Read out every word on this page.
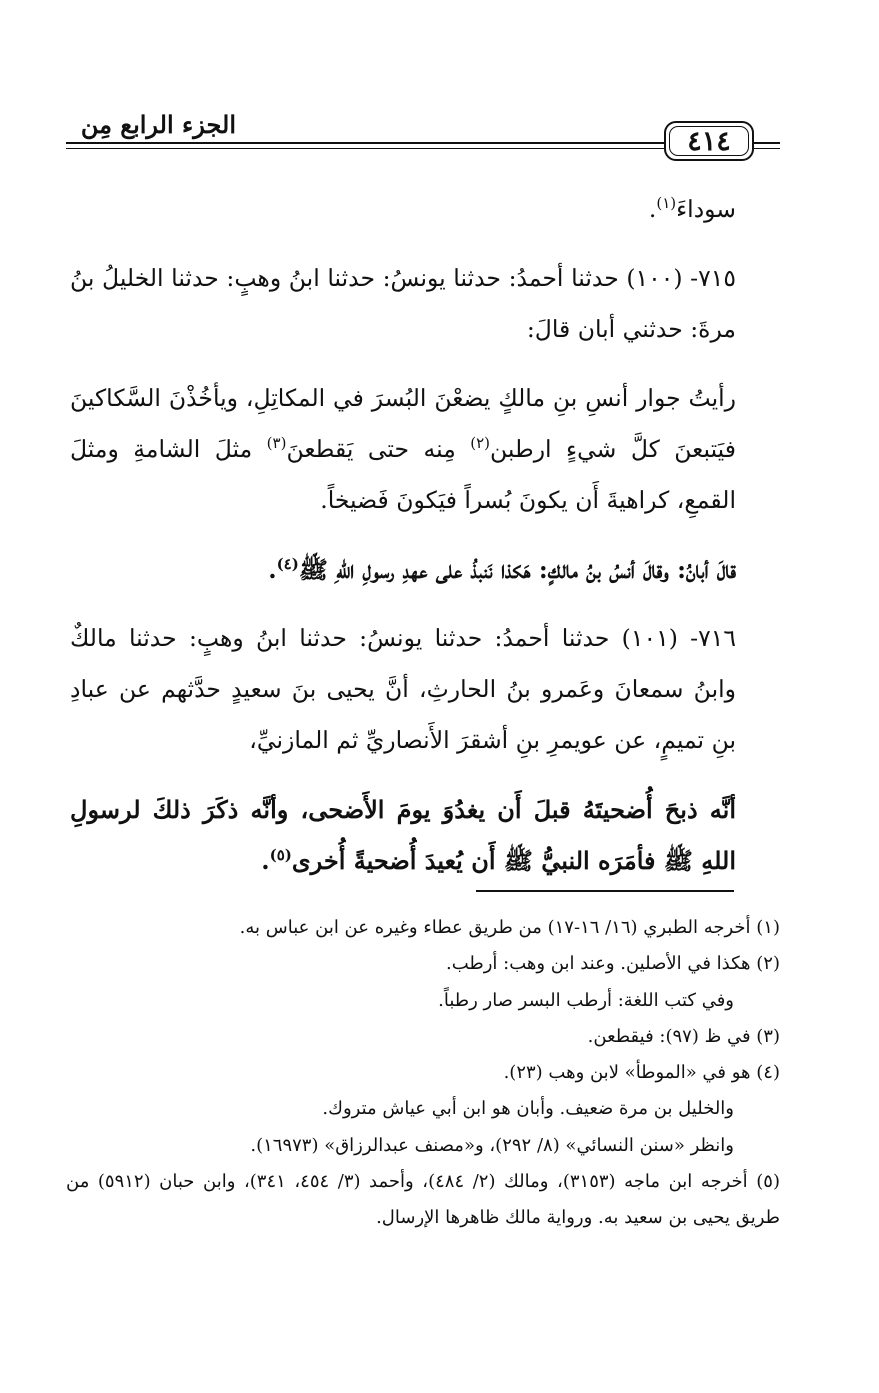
٤١٤
الجزء الرابع مِن

سوداءَ$^{(١)}$.

٧١٥- (١٠٠) حدثنا أحمدُ: حدثنا يونسُ: حدثنا ابنُ وهبٍ: حدثنا الخليلُ بنُ مرةَ: حدثني أبان قالَ:

رأيتُ جوار أنسِ بنِ مالكٍ يضعْنَ البُسرَ في المكاتِلِ، ويأخُذْنَ السَّكاكينَ فيَتبعنَ كلَّ شيءٍ ارطبن$^{(٢)}$ مِنه حتى يَقطعنَ$^{(٣)}$ مثلَ الشامةِ ومثلَ القمعِ، كراهيةَ أَن يكونَ بُسراً فيَكونَ فَضيخاً.

قالَ أبانُ: وقالَ أنسُ بنُ مالكٍ: هَكذا نَنبذُ على عهدِ رسولِ اللهِ ﷺ$^{(٤)}$.

٧١٦- (١٠١) حدثنا أحمدُ: حدثنا يونسُ: حدثنا ابنُ وهبٍ: حدثنا مالكٌ وابنُ سمعانَ وعَمرو بنُ الحارثِ، أنَّ يحيى بنَ سعيدٍ حدَّثهم عن عبادِ بنِ تميمٍ، عن عويمرِ بنِ أشقرَ الأَنصاريِّ ثم المازنيِّ،

أنَّه ذبحَ أُضحيتَهُ قبلَ أَن يغدُوَ يومَ الأَضحى، وأنَّه ذكَرَ ذلكَ لرسولِ اللهِ ﷺ فأمَرَه النبيُّ ﷺ أَن يُعيدَ أُضحيةً أُخرى$^{(٥)}$.

(١) أخرجه الطبري (١٦/ ١٦-١٧) من طريق عطاء وغيره عن ابن عباس به.

(٢) هكذا في الأصلين. وعند ابن وهب: أرطب.

وفي كتب اللغة: أرطب البسر صار رطباً.

(٣) في ظ (٩٧): فيقطعن.

(٤) هو في «الموطأ» لابن وهب (٢٣).

والخليل بن مرة ضعيف. وأبان هو ابن أبي عياش متروك.

وانظر «سنن النسائي» (٨/ ٢٩٢)، و«مصنف عبدالرزاق» (١٦٩٧٣).

(٥) أخرجه ابن ماجه (٣١٥٣)، ومالك (٢/ ٤٨٤)، وأحمد (٣/ ٤٥٤، ٣٤١)، وابن حبان (٥٩١٢) من طريق يحيى بن سعيد به. ورواية مالك ظاهرها الإرسال.
